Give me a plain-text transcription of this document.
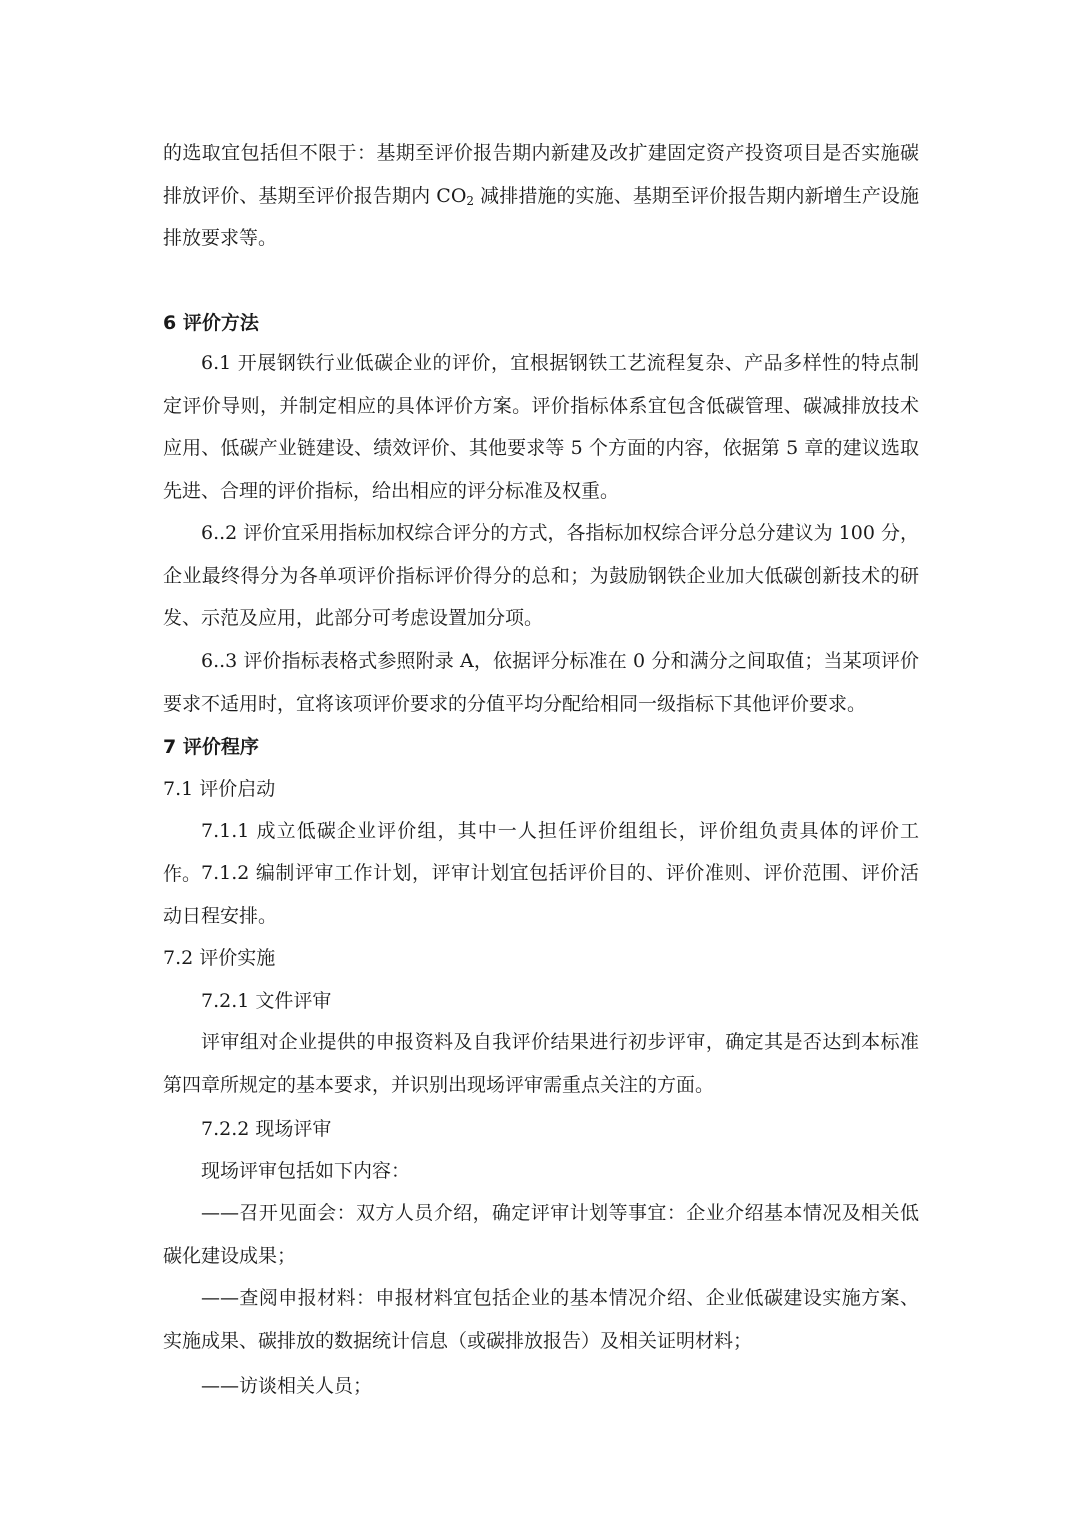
的选取宜包括但不限于：基期至评价报告期内新建及改扩建固定资产投资项目是否实施碳排放评价、基期至评价报告期内 $CO_2$ 减排措施的实施、基期至评价报告期内新增生产设施排放要求等。

6 评价方法

6.1 开展钢铁行业低碳企业的评价，宜根据钢铁工艺流程复杂、产品多样性的特点制定评价导则，并制定相应的具体评价方案。评价指标体系宜包含低碳管理、碳减排放技术应用、低碳产业链建设、绩效评价、其他要求等 5 个方面的内容，依据第 5 章的建议选取先进、合理的评价指标，给出相应的评分标准及权重。

6..2 评价宜采用指标加权综合评分的方式，各指标加权综合评分总分建议为 100 分，企业最终得分为各单项评价指标评价得分的总和；为鼓励钢铁企业加大低碳创新技术的研发、示范及应用，此部分可考虑设置加分项。

6..3 评价指标表格式参照附录 A，依据评分标准在 0 分和满分之间取值；当某项评价要求不适用时，宜将该项评价要求的分值平均分配给相同一级指标下其他评价要求。

7 评价程序
7.1 评价启动

7.1.1 成立低碳企业评价组，其中一人担任评价组组长，评价组负责具体的评价工作。 7.1.2 编制评审工作计划，评审计划宜包括评价目的、评价准则、评价范围、评价活动日程安排。

7.2 评价实施
7.2.1 文件评审

评审组对企业提供的申报资料及自我评价结果进行初步评审，确定其是否达到本标准第四章所规定的基本要求，并识别出现场评审需重点关注的方面。

7.2.2 现场评审
现场评审包括如下内容：

——召开见面会：双方人员介绍，确定评审计划等事宜：企业介绍基本情况及相关低碳化建设成果；

——查阅申报材料：申报材料宜包括企业的基本情况介绍、企业低碳建设实施方案、实施成果、碳排放的数据统计信息（或碳排放报告）及相关证明材料；

——访谈相关人员；
